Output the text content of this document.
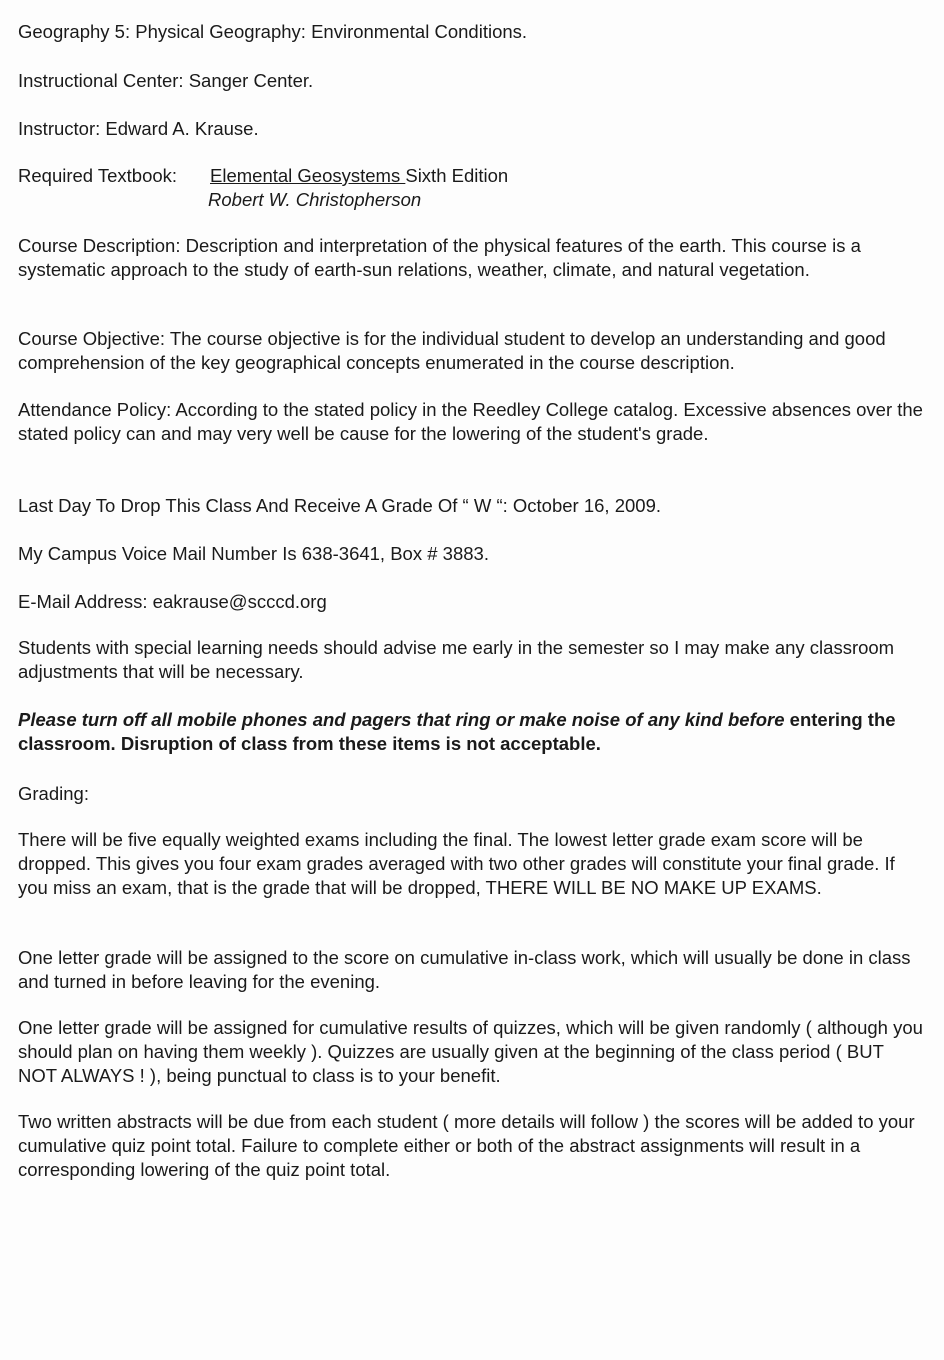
Geography 5: Physical Geography: Environmental Conditions.

Instructional Center: Sanger Center.

Instructor: Edward A. Krause.

Required Textbook: Elemental Geosystems Sixth Edition
Robert W. Christopherson

Course Description: Description and interpretation of the physical features of the earth. This course is a systematic approach to the study of earth-sun relations, weather, climate, and natural vegetation.

Course Objective: The course objective is for the individual student to develop an understanding and good comprehension of the key geographical concepts enumerated in the course description.

Attendance Policy: According to the stated policy in the Reedley College catalog. Excessive absences over the stated policy can and may very well be cause for the lowering of the student's grade.

Last Day To Drop This Class And Receive A Grade Of “ W “: October 16, 2009.

My Campus Voice Mail Number Is 638-3641, Box # 3883.

E-Mail Address: eakrause@scccd.org

Students with special learning needs should advise me early in the semester so I may make any classroom adjustments that will be necessary.

Please turn off all mobile phones and pagers that ring or make noise of any kind before entering the classroom. Disruption of class from these items is not acceptable.

Grading:

There will be five equally weighted exams including the final. The lowest letter grade exam score will be dropped. This gives you four exam grades averaged with two other grades will constitute your final grade. If you miss an exam, that is the grade that will be dropped, THERE WILL BE NO MAKE UP EXAMS.

One letter grade will be assigned to the score on cumulative in-class work, which will usually be done in class and turned in before leaving for the evening.

One letter grade will be assigned for cumulative results of quizzes, which will be given randomly ( although you should plan on having them weekly ). Quizzes are usually given at the beginning of the class period ( BUT NOT ALWAYS ! ), being punctual to class is to your benefit.

Two written abstracts will be due from each student ( more details will follow ) the scores will be added to your cumulative quiz point total. Failure to complete either or both of the abstract assignments will result in a corresponding lowering of the quiz point total.
